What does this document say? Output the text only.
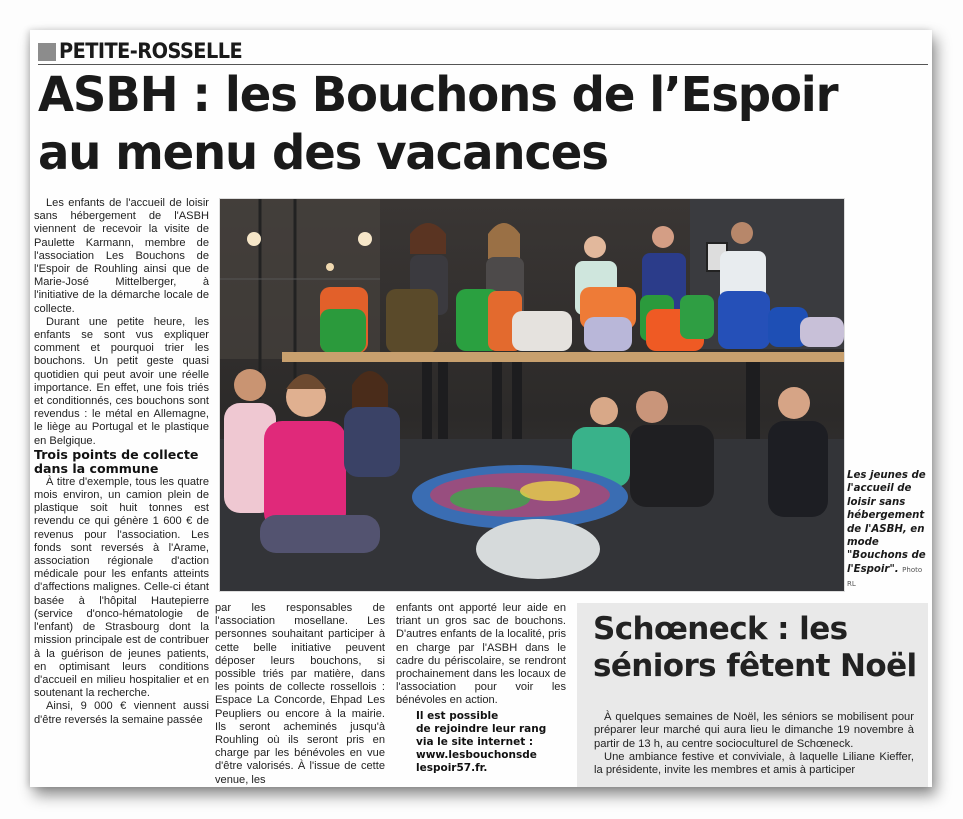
PETITE-ROSSELLE
ASBH : les Bouchons de l’Espoir
au menu des vacances

Les enfants de l'accueil de loisir sans hébergement de l'ASBH viennent de recevoir la visite de Paulette Karmann, membre de l'association Les Bouchons de l'Espoir de Rouhling ainsi que de Marie-José Mittelberger, à l'initiative de la démarche locale de collecte.

Durant une petite heure, les enfants se sont vus expliquer comment et pourquoi trier les bouchons. Un petit geste quasi quotidien qui peut avoir une réelle importance. En effet, une fois triés et conditionnés, ces bouchons sont revendus : le métal en Allemagne, le liège au Portugal et le plastique en Belgique.

Trois points de collecte dans la commune

À titre d'exemple, tous les quatre mois environ, un camion plein de plastique soit huit tonnes est revendu ce qui génère 1 600 € de revenus pour l'association. Les fonds sont reversés à l'Arame, association régionale d'action médicale pour les enfants atteints d'affections malignes. Celle-ci étant basée à l'hôpital Hautepierre (service d'onco-hématologie de l'enfant) de Strasbourg dont la mission principale est de contribuer à la guérison de jeunes patients, en optimisant leurs conditions d'accueil en milieu hospitalier et en soutenant la recherche.

Ainsi, 9 000 € viennent aussi d'être reversés la semaine passée

Les jeunes de l'accueil de loisir sans hébergement de l'ASBH, en mode "Bouchons de l'Espoir". Photo RL

par les responsables de l'association mosellane. Les personnes souhaitant participer à cette belle initiative peuvent déposer leurs bouchons, si possible triés par matière, dans les points de collecte rossellois : Espace La Concorde, Ehpad Les Peupliers ou encore à la mairie. Ils seront acheminés jusqu'à Rouhling où ils seront pris en charge par les bénévoles en vue d'être valorisés. À l'issue de cette venue, les

enfants ont apporté leur aide en triant un gros sac de bouchons. D'autres enfants de la localité, pris en charge par l'ASBH dans le cadre du périscolaire, se rendront prochainement dans les locaux de l'association pour voir les bénévoles en action.

Il est possible
de rejoindre leur rang
via le site internet :
www.lesbouchonsde
lespoir57.fr.
Schœneck : les
séniors fêtent Noël

À quelques semaines de Noël, les séniors se mobilisent pour préparer leur marché qui aura lieu le dimanche 19 novembre à partir de 13 h, au centre socioculturel de Schœneck.

Une ambiance festive et conviviale, à laquelle Liliane Kieffer, la présidente, invite les membres et amis à participer
